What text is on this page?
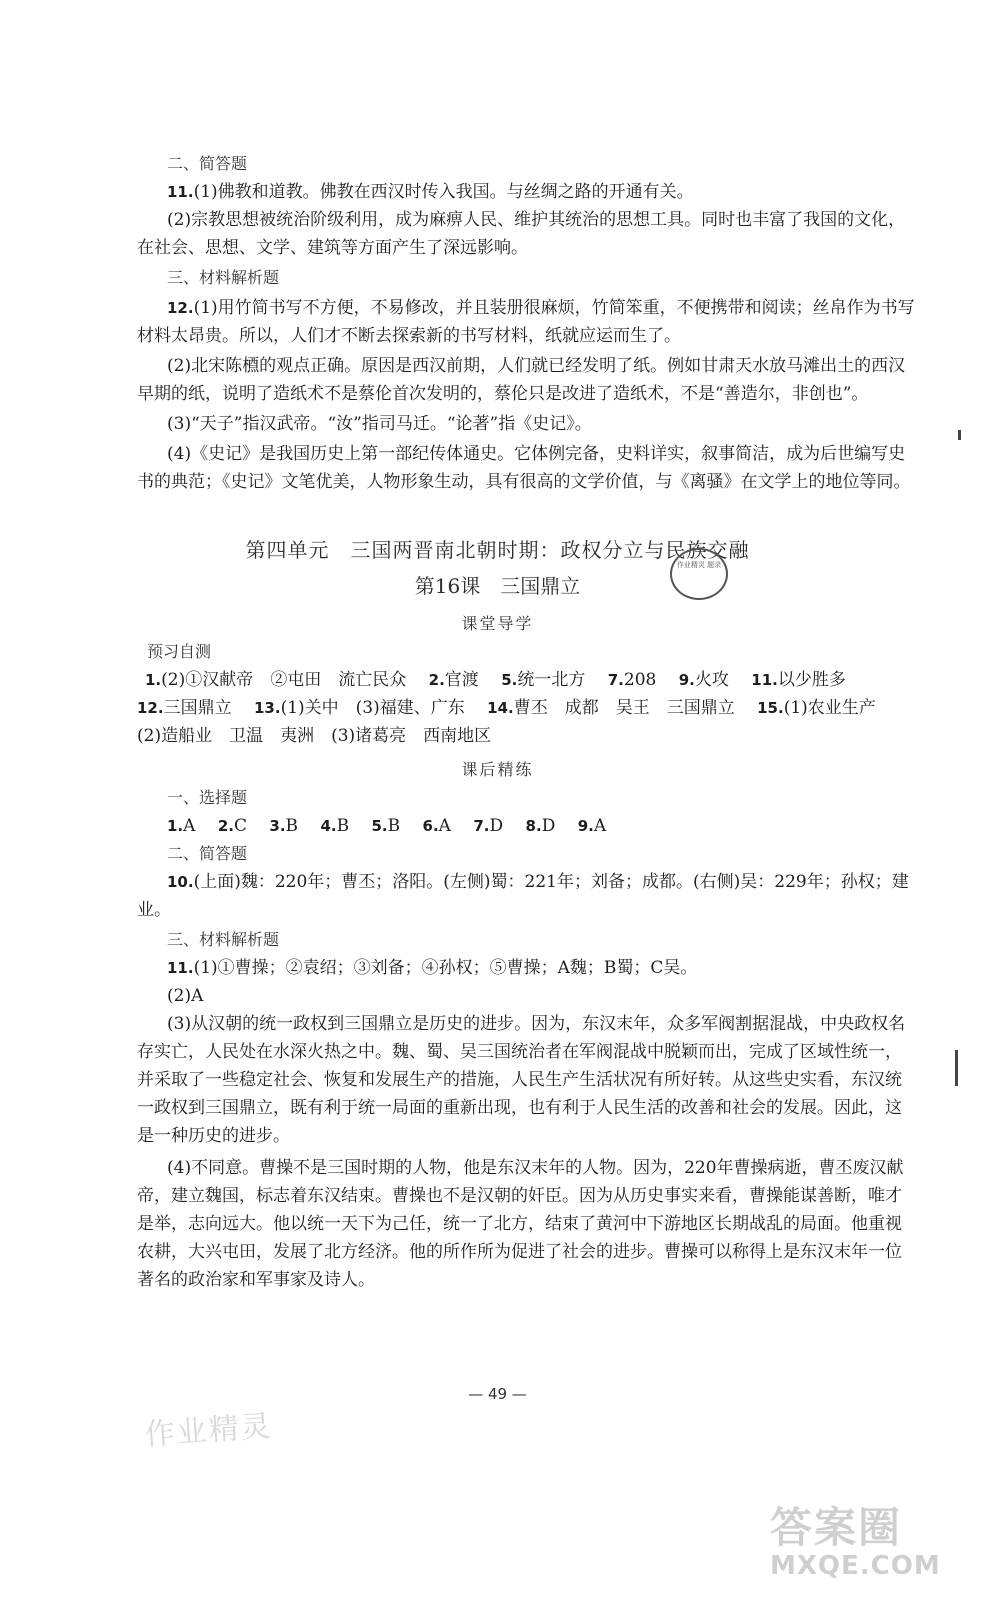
二、简答题
11.(1)佛教和道教。佛教在西汉时传入我国。与丝绸之路的开通有关。
(2)宗教思想被统治阶级利用，成为麻痹人民、维护其统治的思想工具。同时也丰富了我国的文化，在社会、思想、文学、建筑等方面产生了深远影响。
三、材料解析题
12.(1)用竹简书写不方便，不易修改，并且装册很麻烦，竹简笨重，不便携带和阅读；丝帛作为书写材料太昂贵。所以，人们才不断去探索新的书写材料，纸就应运而生了。
(2)北宋陈槱的观点正确。原因是西汉前期，人们就已经发明了纸。例如甘肃天水放马滩出土的西汉早期的纸，说明了造纸术不是蔡伦首次发明的，蔡伦只是改进了造纸术，不是“善造尔，非创也”。
(3)“天子”指汉武帝。“汝”指司马迁。“论著”指《史记》。
(4)《史记》是我国历史上第一部纪传体通史。它体例完备，史料详实，叙事简洁，成为后世编写史书的典范；《史记》文笔优美，人物形象生动，具有很高的文学价值，与《离骚》在文学上的地位等同。
第四单元　三国两晋南北朝时期：政权分立与民族交融
作业精灵 题录
第16课　三国鼎立
课堂导学
预习自测
1.(2)①汉献帝　②屯田　流亡民众　 2.官渡　 5.统一北方　 7.208　 9.火攻　 11.以少胜多
12.三国鼎立　 13.(1)关中　(3)福建、广东　 14.曹丕　成都　吴王　三国鼎立　 15.(1)农业生产
(2)造船业　卫温　夷洲　(3)诸葛亮　西南地区
课后精练
一、选择题
1.A　 2.C　 3.B　 4.B　 5.B　 6.A　 7.D　 8.D　 9.A
二、简答题
10.(上面)魏：220年；曹丕；洛阳。(左侧)蜀：221年；刘备；成都。(右侧)吴：229年；孙权；建业。
三、材料解析题
11.(1)①曹操；②袁绍；③刘备；④孙权；⑤曹操；A魏；B蜀；C吴。
(2)A
(3)从汉朝的统一政权到三国鼎立是历史的进步。因为，东汉末年，众多军阀割据混战，中央政权名存实亡，人民处在水深火热之中。魏、蜀、吴三国统治者在军阀混战中脱颖而出，完成了区域性统一，并采取了一些稳定社会、恢复和发展生产的措施，人民生产生活状况有所好转。从这些史实看，东汉统一政权到三国鼎立，既有利于统一局面的重新出现，也有利于人民生活的改善和社会的发展。因此，这是一种历史的进步。
(4)不同意。曹操不是三国时期的人物，他是东汉末年的人物。因为，220年曹操病逝，曹丕废汉献帝，建立魏国，标志着东汉结束。曹操也不是汉朝的奸臣。因为从历史事实来看，曹操能谋善断，唯才是举，志向远大。他以统一天下为己任，统一了北方，结束了黄河中下游地区长期战乱的局面。他重视农耕，大兴屯田，发展了北方经济。他的所作所为促进了社会的进步。曹操可以称得上是东汉末年一位著名的政治家和军事家及诗人。
— 49 —
作业精灵
答案圈
MXQE.COM
